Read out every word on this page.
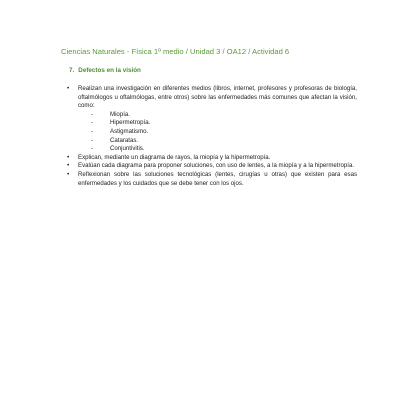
Ciencias Naturales - Física 1º medio / Unidad 3 / OA12 / Actividad 6
7. Defectos en la visión
• Realizan una investigación en diferentes medios (libros, internet, profesores y profesoras de biología, oftalmólogos u oftalmólogas, entre otros) sobre las enfermedades más comunes que afectan la visión, como:
-	Miopía.
-	Hipermetropía.
-	Astigmatismo.
-	Cataratas.
-	Conjuntivitis.
• Explican, mediante un diagrama de rayos, la miopía y la hipermetropía.
• Evalúan cada diagrama para proponer soluciones, con uso de lentes, a la miopía y a la hipermetropía.
• Reflexionan sobre las soluciones tecnológicas (lentes, cirugías u otras) que existen para esas enfermedades y los cuidados que se debe tener con los ojos.
